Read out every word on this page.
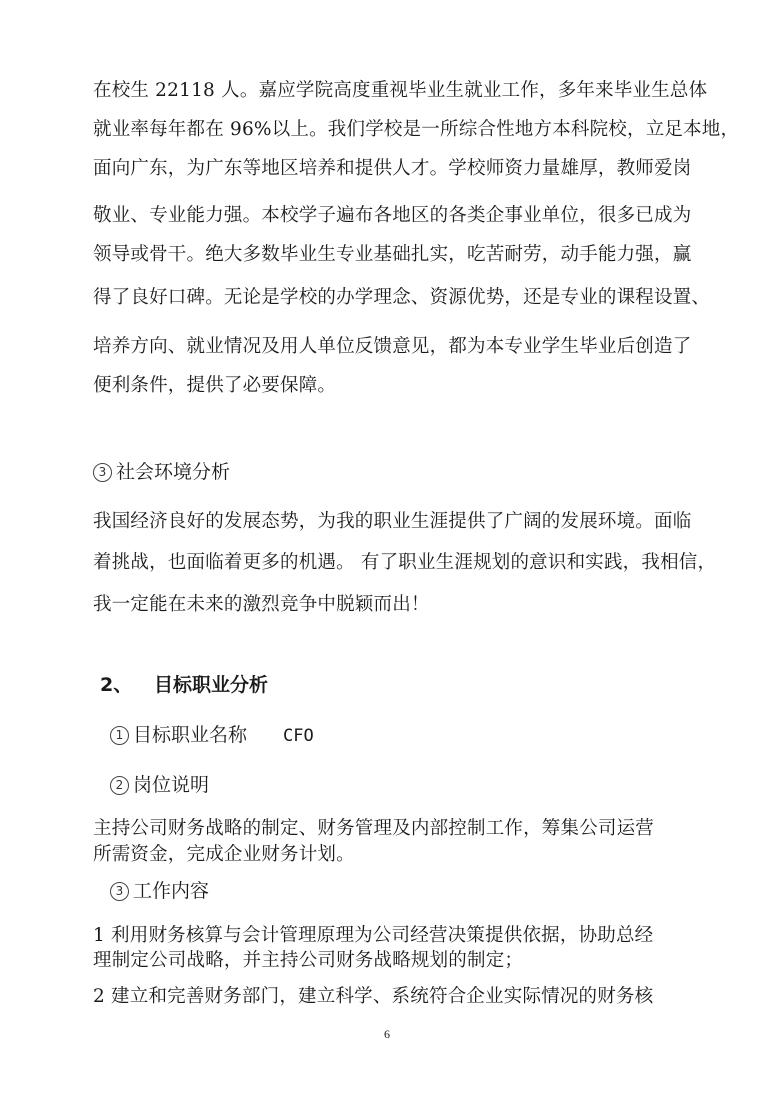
在校生 22118 人。嘉应学院高度重视毕业生就业工作，多年来毕业生总体
就业率每年都在 96%以上。我们学校是一所综合性地方本科院校，立足本地，
面向广东，为广东等地区培养和提供人才。学校师资力量雄厚，教师爱岗
敬业、专业能力强。本校学子遍布各地区的各类企事业单位，很多已成为
领导或骨干。绝大多数毕业生专业基础扎实，吃苦耐劳，动手能力强，赢
得了良好口碑。无论是学校的办学理念、资源优势，还是专业的课程设置、
培养方向、就业情况及用人单位反馈意见，都为本专业学生毕业后创造了
便利条件，提供了必要保障。
3 社会环境分析
我国经济良好的发展态势，为我的职业生涯提供了广阔的发展环境。面临
着挑战，也面临着更多的机遇。 有了职业生涯规划的意识和实践，我相信，
我一定能在未来的激烈竞争中脱颖而出！
2、 目标职业分析
1 目标职业名称 CFO
2 岗位说明
主持公司财务战略的制定、财务管理及内部控制工作，筹集公司运营
所需资金，完成企业财务计划。
3 工作内容
1 利用财务核算与会计管理原理为公司经营决策提供依据，协助总经
理制定公司战略，并主持公司财务战略规划的制定；
2 建立和完善财务部门，建立科学、系统符合企业实际情况的财务核
6
